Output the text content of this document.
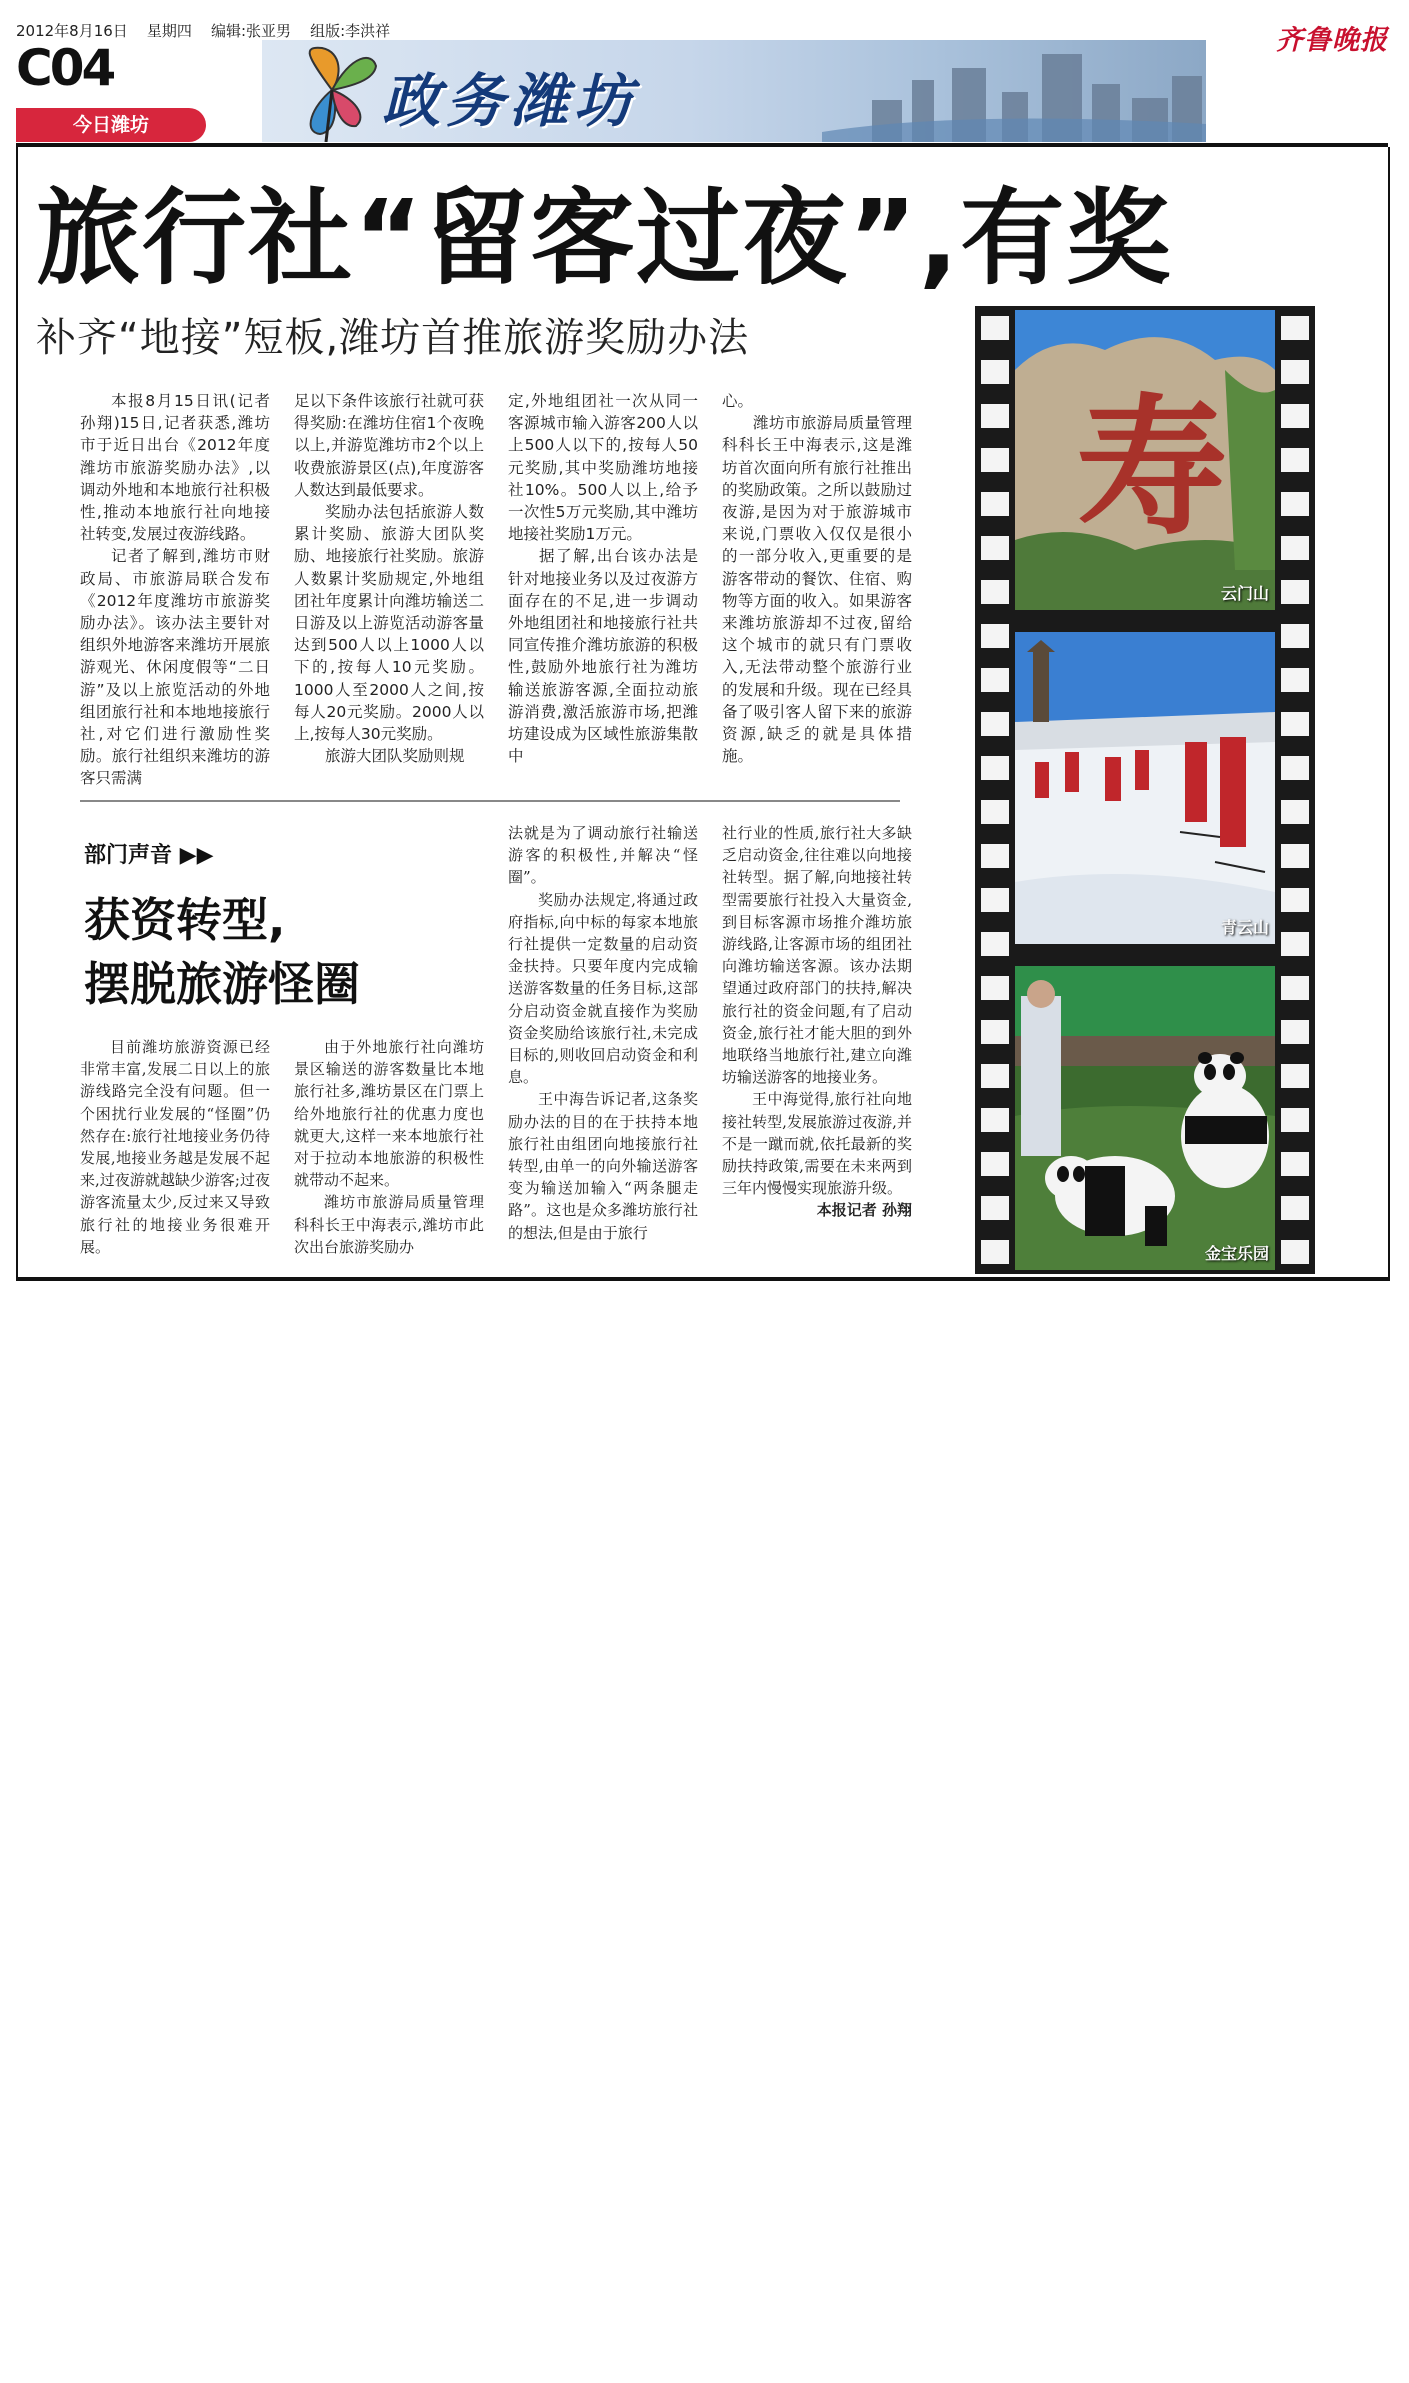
2012年8月16日    星期四    编辑:张亚男    组版:李洪祥	齐鲁晚报
C04	政务潍坊
今日潍坊
旅行社“留客过夜”,有奖
补齐“地接”短板,潍坊首推旅游奖励办法

本报8月15日讯(记者 孙翔)15日,记者获悉,潍坊市于近日出台《2012年度潍坊市旅游奖励办法》,以调动外地和本地旅行社积极性,推动本地旅行社向地接社转变,发展过夜游线路。

记者了解到,潍坊市财政局、市旅游局联合发布《2012年度潍坊市旅游奖励办法》。该办法主要针对组织外地游客来潍坊开展旅游观光、休闲度假等“二日游”及以上旅览活动的外地组团旅行社和本地地接旅行社,对它们进行激励性奖励。旅行社组织来潍坊的游客只需满

足以下条件该旅行社就可获得奖励:在潍坊住宿1个夜晚以上,并游览潍坊市2个以上收费旅游景区(点),年度游客人数达到最低要求。

奖励办法包括旅游人数累计奖励、旅游大团队奖励、地接旅行社奖励。旅游人数累计奖励规定,外地组团社年度累计向潍坊输送二日游及以上游览活动游客量达到500人以上1000人以下的,按每人10元奖励。1000人至2000人之间,按每人20元奖励。2000人以上,按每人30元奖励。

旅游大团队奖励则规

定,外地组团社一次从同一客源城市输入游客200人以上500人以下的,按每人50元奖励,其中奖励潍坊地接社10%。500人以上,给予一次性5万元奖励,其中潍坊地接社奖励1万元。

据了解,出台该办法是针对地接业务以及过夜游方面存在的不足,进一步调动外地组团社和地接旅行社共同宣传推介潍坊旅游的积极性,鼓励外地旅行社为潍坊输送旅游客源,全面拉动旅游消费,激活旅游市场,把潍坊建设成为区域性旅游集散中

心。

潍坊市旅游局质量管理科科长王中海表示,这是潍坊首次面向所有旅行社推出的奖励政策。之所以鼓励过夜游,是因为对于旅游城市来说,门票收入仅仅是很小的一部分收入,更重要的是游客带动的餐饮、住宿、购物等方面的收入。如果游客来潍坊旅游却不过夜,留给这个城市的就只有门票收入,无法带动整个旅游行业的发展和升级。现在已经具备了吸引客人留下来的旅游资源,缺乏的就是具体措施。

部门声音 ▶▶
获资转型,
摆脱旅游怪圈

目前潍坊旅游资源已经非常丰富,发展二日以上的旅游线路完全没有问题。但一个困扰行业发展的“怪圈”仍然存在:旅行社地接业务仍待发展,地接业务越是发展不起来,过夜游就越缺少游客;过夜游客流量太少,反过来又导致旅行社的地接业务很难开展。

由于外地旅行社向潍坊景区输送的游客数量比本地旅行社多,潍坊景区在门票上给外地旅行社的优惠力度也就更大,这样一来本地旅行社对于拉动本地旅游的积极性就带动不起来。

潍坊市旅游局质量管理科科长王中海表示,潍坊市此次出台旅游奖励办

法就是为了调动旅行社输送游客的积极性,并解决“怪圈”。

奖励办法规定,将通过政府指标,向中标的每家本地旅行社提供一定数量的启动资金扶持。只要年度内完成输送游客数量的任务目标,这部分启动资金就直接作为奖励资金奖励给该旅行社,未完成目标的,则收回启动资金和利息。

王中海告诉记者,这条奖励办法的目的在于扶持本地旅行社由组团向地接旅行社转型,由单一的向外输送游客变为输送加输入“两条腿走路”。这也是众多潍坊旅行社的想法,但是由于旅行

社行业的性质,旅行社大多缺乏启动资金,往往难以向地接社转型。据了解,向地接社转型需要旅行社投入大量资金,到目标客源市场推介潍坊旅游线路,让客源市场的组团社向潍坊输送客源。该办法期望通过政府部门的扶持,解决旅行社的资金问题,有了启动资金,旅行社才能大胆的到外地联络当地旅行社,建立向潍坊输送游客的地接业务。

王中海觉得,旅行社向地接社转型,发展旅游过夜游,并不是一蹴而就,依托最新的奖励扶持政策,需要在未来两到三年内慢慢实现旅游升级。

本报记者 孙翔
寿
云门山
青云山
金宝乐园
